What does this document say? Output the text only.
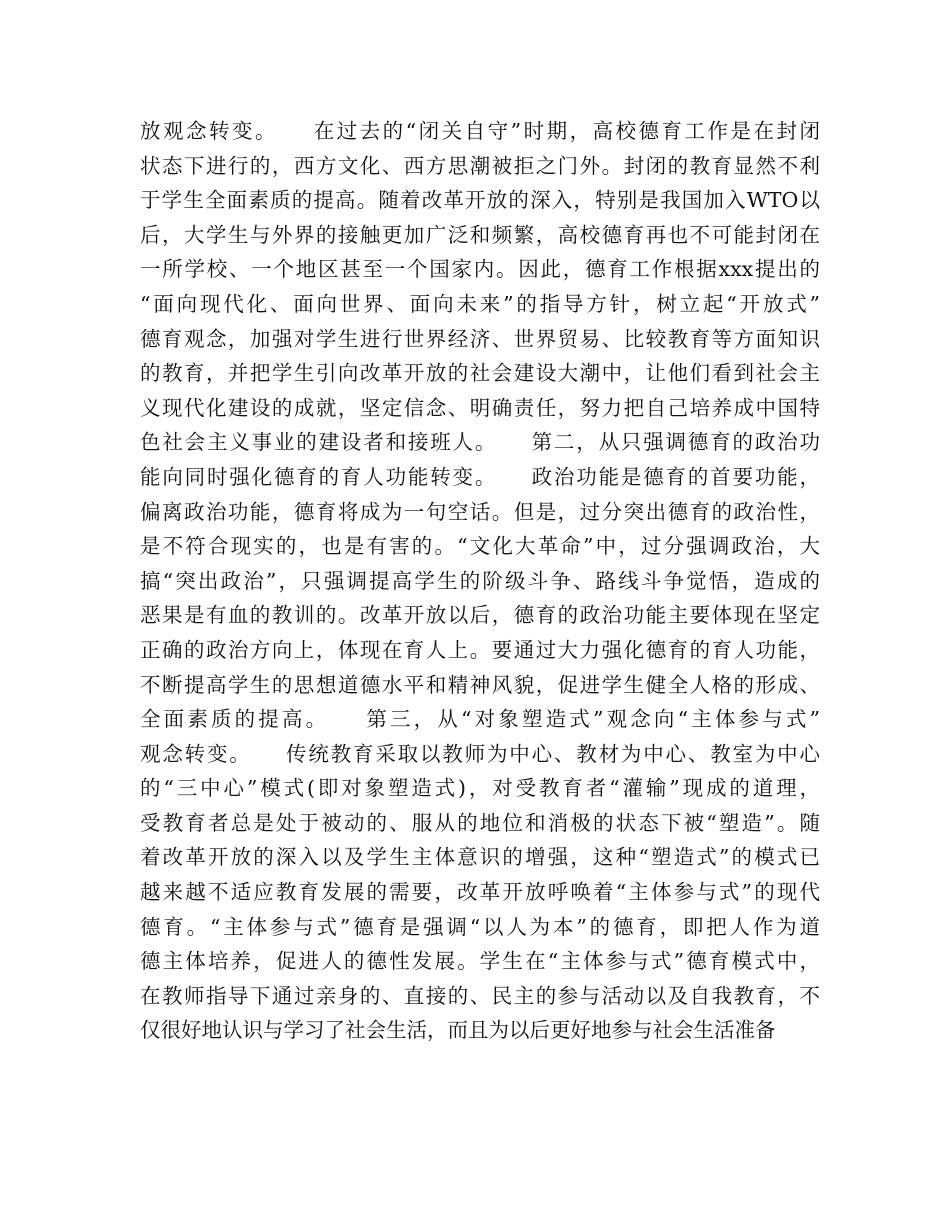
放观念转变。　　在过去的“闭关自守”时期，高校德育工作是在封闭
状态下进行的，西方文化、西方思潮被拒之门外。封闭的教育显然不利
于学生全面素质的提高。随着改革开放的深入，特别是我国加入WTO以
后，大学生与外界的接触更加广泛和频繁，高校德育再也不可能封闭在
一所学校、一个地区甚至一个国家内。因此，德育工作根据xxx提出的
“面向现代化、面向世界、面向未来”的指导方针，树立起“开放式”
德育观念，加强对学生进行世界经济、世界贸易、比较教育等方面知识
的教育，并把学生引向改革开放的社会建设大潮中，让他们看到社会主
义现代化建设的成就，坚定信念、明确责任，努力把自己培养成中国特
色社会主义事业的建设者和接班人。　　第二，从只强调德育的政治功
能向同时强化德育的育人功能转变。　　政治功能是德育的首要功能，
偏离政治功能，德育将成为一句空话。但是，过分突出德育的政治性，
是不符合现实的，也是有害的。“文化大革命”中，过分强调政治，大
搞“突出政治”，只强调提高学生的阶级斗争、路线斗争觉悟，造成的
恶果是有血的教训的。改革开放以后，德育的政治功能主要体现在坚定
正确的政治方向上，体现在育人上。要通过大力强化德育的育人功能，
不断提高学生的思想道德水平和精神风貌，促进学生健全人格的形成、
全面素质的提高。　　第三，从“对象塑造式”观念向“主体参与式”
观念转变。　　传统教育采取以教师为中心、教材为中心、教室为中心
的“三中心”模式(即对象塑造式)，对受教育者“灌输”现成的道理，
受教育者总是处于被动的、服从的地位和消极的状态下被“塑造”。随
着改革开放的深入以及学生主体意识的增强，这种“塑造式”的模式已
越来越不适应教育发展的需要，改革开放呼唤着“主体参与式”的现代
德育。“主体参与式”德育是强调“以人为本”的德育，即把人作为道
德主体培养，促进人的德性发展。学生在“主体参与式”德育模式中，
在教师指导下通过亲身的、直接的、民主的参与活动以及自我教育，不
仅很好地认识与学习了社会生活，而且为以后更好地参与社会生活准备
